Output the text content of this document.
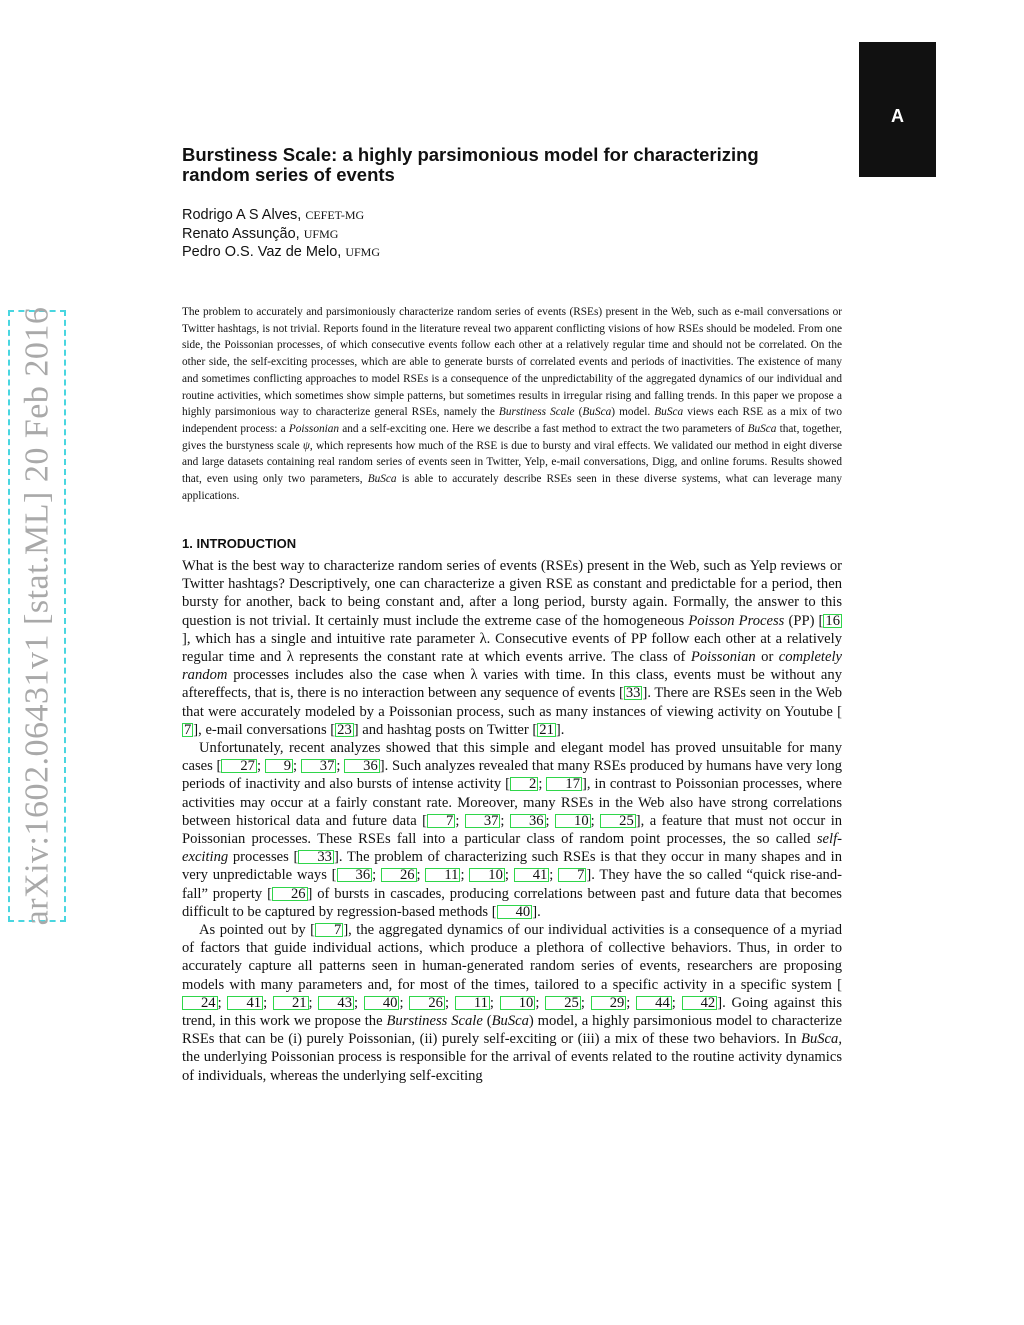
A
arXiv:1602.06431v1 [stat.ML] 20 Feb 2016
Burstiness Scale: a highly parsimonious model for characterizing random series of events
Rodrigo A S Alves, CEFET-MG
Renato Assunção, UFMG
Pedro O.S. Vaz de Melo, UFMG

The problem to accurately and parsimoniously characterize random series of events (RSEs) present in the Web, such as e-mail conversations or Twitter hashtags, is not trivial. Reports found in the literature reveal two apparent conflicting visions of how RSEs should be modeled. From one side, the Poissonian processes, of which consecutive events follow each other at a relatively regular time and should not be correlated. On the other side, the self-exciting processes, which are able to generate bursts of correlated events and periods of inactivities. The existence of many and sometimes conflicting approaches to model RSEs is a consequence of the unpredictability of the aggregated dynamics of our individual and routine activities, which sometimes show simple patterns, but sometimes results in irregular rising and falling trends. In this paper we propose a highly parsimonious way to characterize general RSEs, namely the Burstiness Scale (BuSca) model. BuSca views each RSE as a mix of two independent process: a Poissonian and a self-exciting one. Here we describe a fast method to extract the two parameters of BuSca that, together, gives the burstyness scale ψ, which represents how much of the RSE is due to bursty and viral effects. We validated our method in eight diverse and large datasets containing real random series of events seen in Twitter, Yelp, e-mail conversations, Digg, and online forums. Results showed that, even using only two parameters, BuSca is able to accurately describe RSEs seen in these diverse systems, what can leverage many applications.

1. INTRODUCTION

What is the best way to characterize random series of events (RSEs) present in the Web, such as Yelp reviews or Twitter hashtags? Descriptively, one can characterize a given RSE as constant and predictable for a period, then bursty for another, back to being constant and, after a long period, bursty again. Formally, the answer to this question is not trivial. It certainly must include the extreme case of the homogeneous Poisson Process (PP) [ 16], which has a single and intuitive rate parameter λ. Consecutive events of PP follow each other at a relatively regular time and λ represents the constant rate at which events arrive. The class of Poissonian or completely random processes includes also the case when λ varies with time. In this class, events must be without any aftereffects, that is, there is no interaction between any sequence of events [ 33 ]. There are RSEs seen in the Web that were accurately modeled by a Poissonian process, such as many instances of viewing activity on Youtube [7 ], e-mail conversations [ 23 ] and hashtag posts on Twitter [ 21 ].

Unfortunately, recent analyzes showed that this simple and elegant model has proved unsuitable for many cases [ 27 ; 9 ; 37 ; 36 ]. Such analyzes revealed that many RSEs produced by humans have very long periods of inactivity and also bursts of intense activity [ 2 ; 17 ], in contrast to Poissonian processes, where activities may occur at a fairly constant rate. Moreover, many RSEs in the Web also have strong correlations between historical data and future data [ 7 ; 37 ; 36 ; 10 ; 25 ], a feature that must not occur in Poissonian processes. These RSEs fall into a particular class of random point processes, the so called self-exciting processes [ 33 ]. The problem of characterizing such RSEs is that they occur in many shapes and in very unpredictable ways [ 36 ; 26 ; 11 ; 10 ; 41 ; 7 ]. They have the so called “quick rise-and-fall” property [ 26 ] of bursts in cascades, producing correlations between past and future data that becomes difficult to be captured by regression-based methods [ 40 ].

As pointed out by [ 7 ], the aggregated dynamics of our individual activities is a consequence of a myriad of factors that guide individual actions, which produce a plethora of collective behaviors. Thus, in order to accurately capture all patterns seen in human-generated random series of events, researchers are proposing models with many parameters and, for most of the times, tailored to a specific activity in a specific system [24 ; 41 ; 21 ; 43 ; 40 ; 26 ; 11 ; 10 ; 25 ; 29 ; 44 ; 42 ]. Going against this trend, in this work we propose the Burstiness Scale (BuSca) model, a highly parsimonious model to characterize RSEs that can be (i) purely Poissonian, (ii) purely self-exciting or (iii) a mix of these two behaviors. In BuSca, the underlying Poissonian process is responsible for the arrival of events related to the routine activity dynamics of individuals, whereas the underlying self-exciting
